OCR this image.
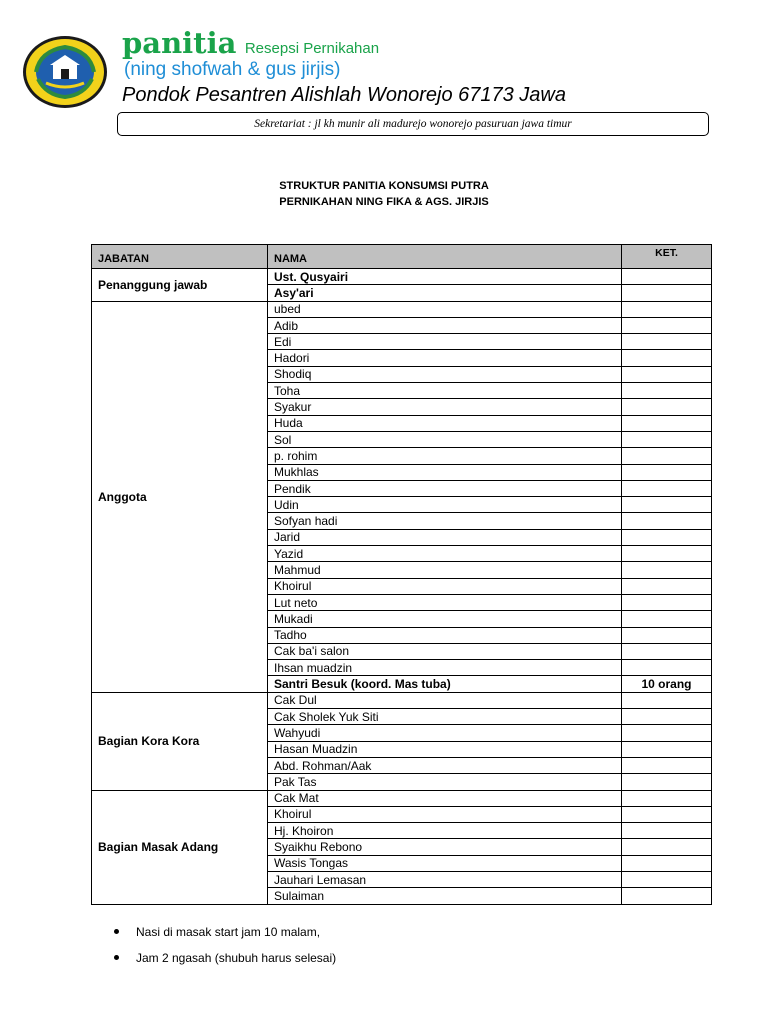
panitia Resepsi Pernikahan
(ning shofwah & gus jirjis)
Pondok Pesantren Alishlah Wonorejo 67173 Jawa
Sekretariat : jl kh munir ali madurejo wonorejo pasuruan jawa timur
STRUKTUR PANITIA KONSUMSI PUTRA
PERNIKAHAN NING FIKA & AGS. JIRJIS
JABATAN	NAMA	KET.
Penanggung jawab	Ust. Qusyairi	
	Asy'ari	
Anggota	ubed	
	Adib	
	Edi	
	Hadori	
	Shodiq	
	Toha	
	Syakur	
	Huda	
	Sol	
	p. rohim	
	Mukhlas	
	Pendik	
	Udin	
	Sofyan hadi	
	Jarid	
	Yazid	
	Mahmud	
	Khoirul	
	Lut neto	
	Mukadi	
	Tadho	
	Cak ba'i salon	
	Ihsan muadzin	
	Santri Besuk (koord. Mas tuba)	10 orang
Bagian Kora Kora	Cak Dul	
	Cak Sholek Yuk Siti	
	Wahyudi	
	Hasan Muadzin	
	Abd. Rohman/Aak	
	Pak Tas	
Bagian Masak Adang	Cak Mat	
	Khoirul	
	Hj. Khoiron	
	Syaikhu Rebono	
	Wasis Tongas	
	Jauhari Lemasan	
	Sulaiman	
Nasi di masak start jam 10 malam,
Jam 2 ngasah (shubuh harus selesai)
